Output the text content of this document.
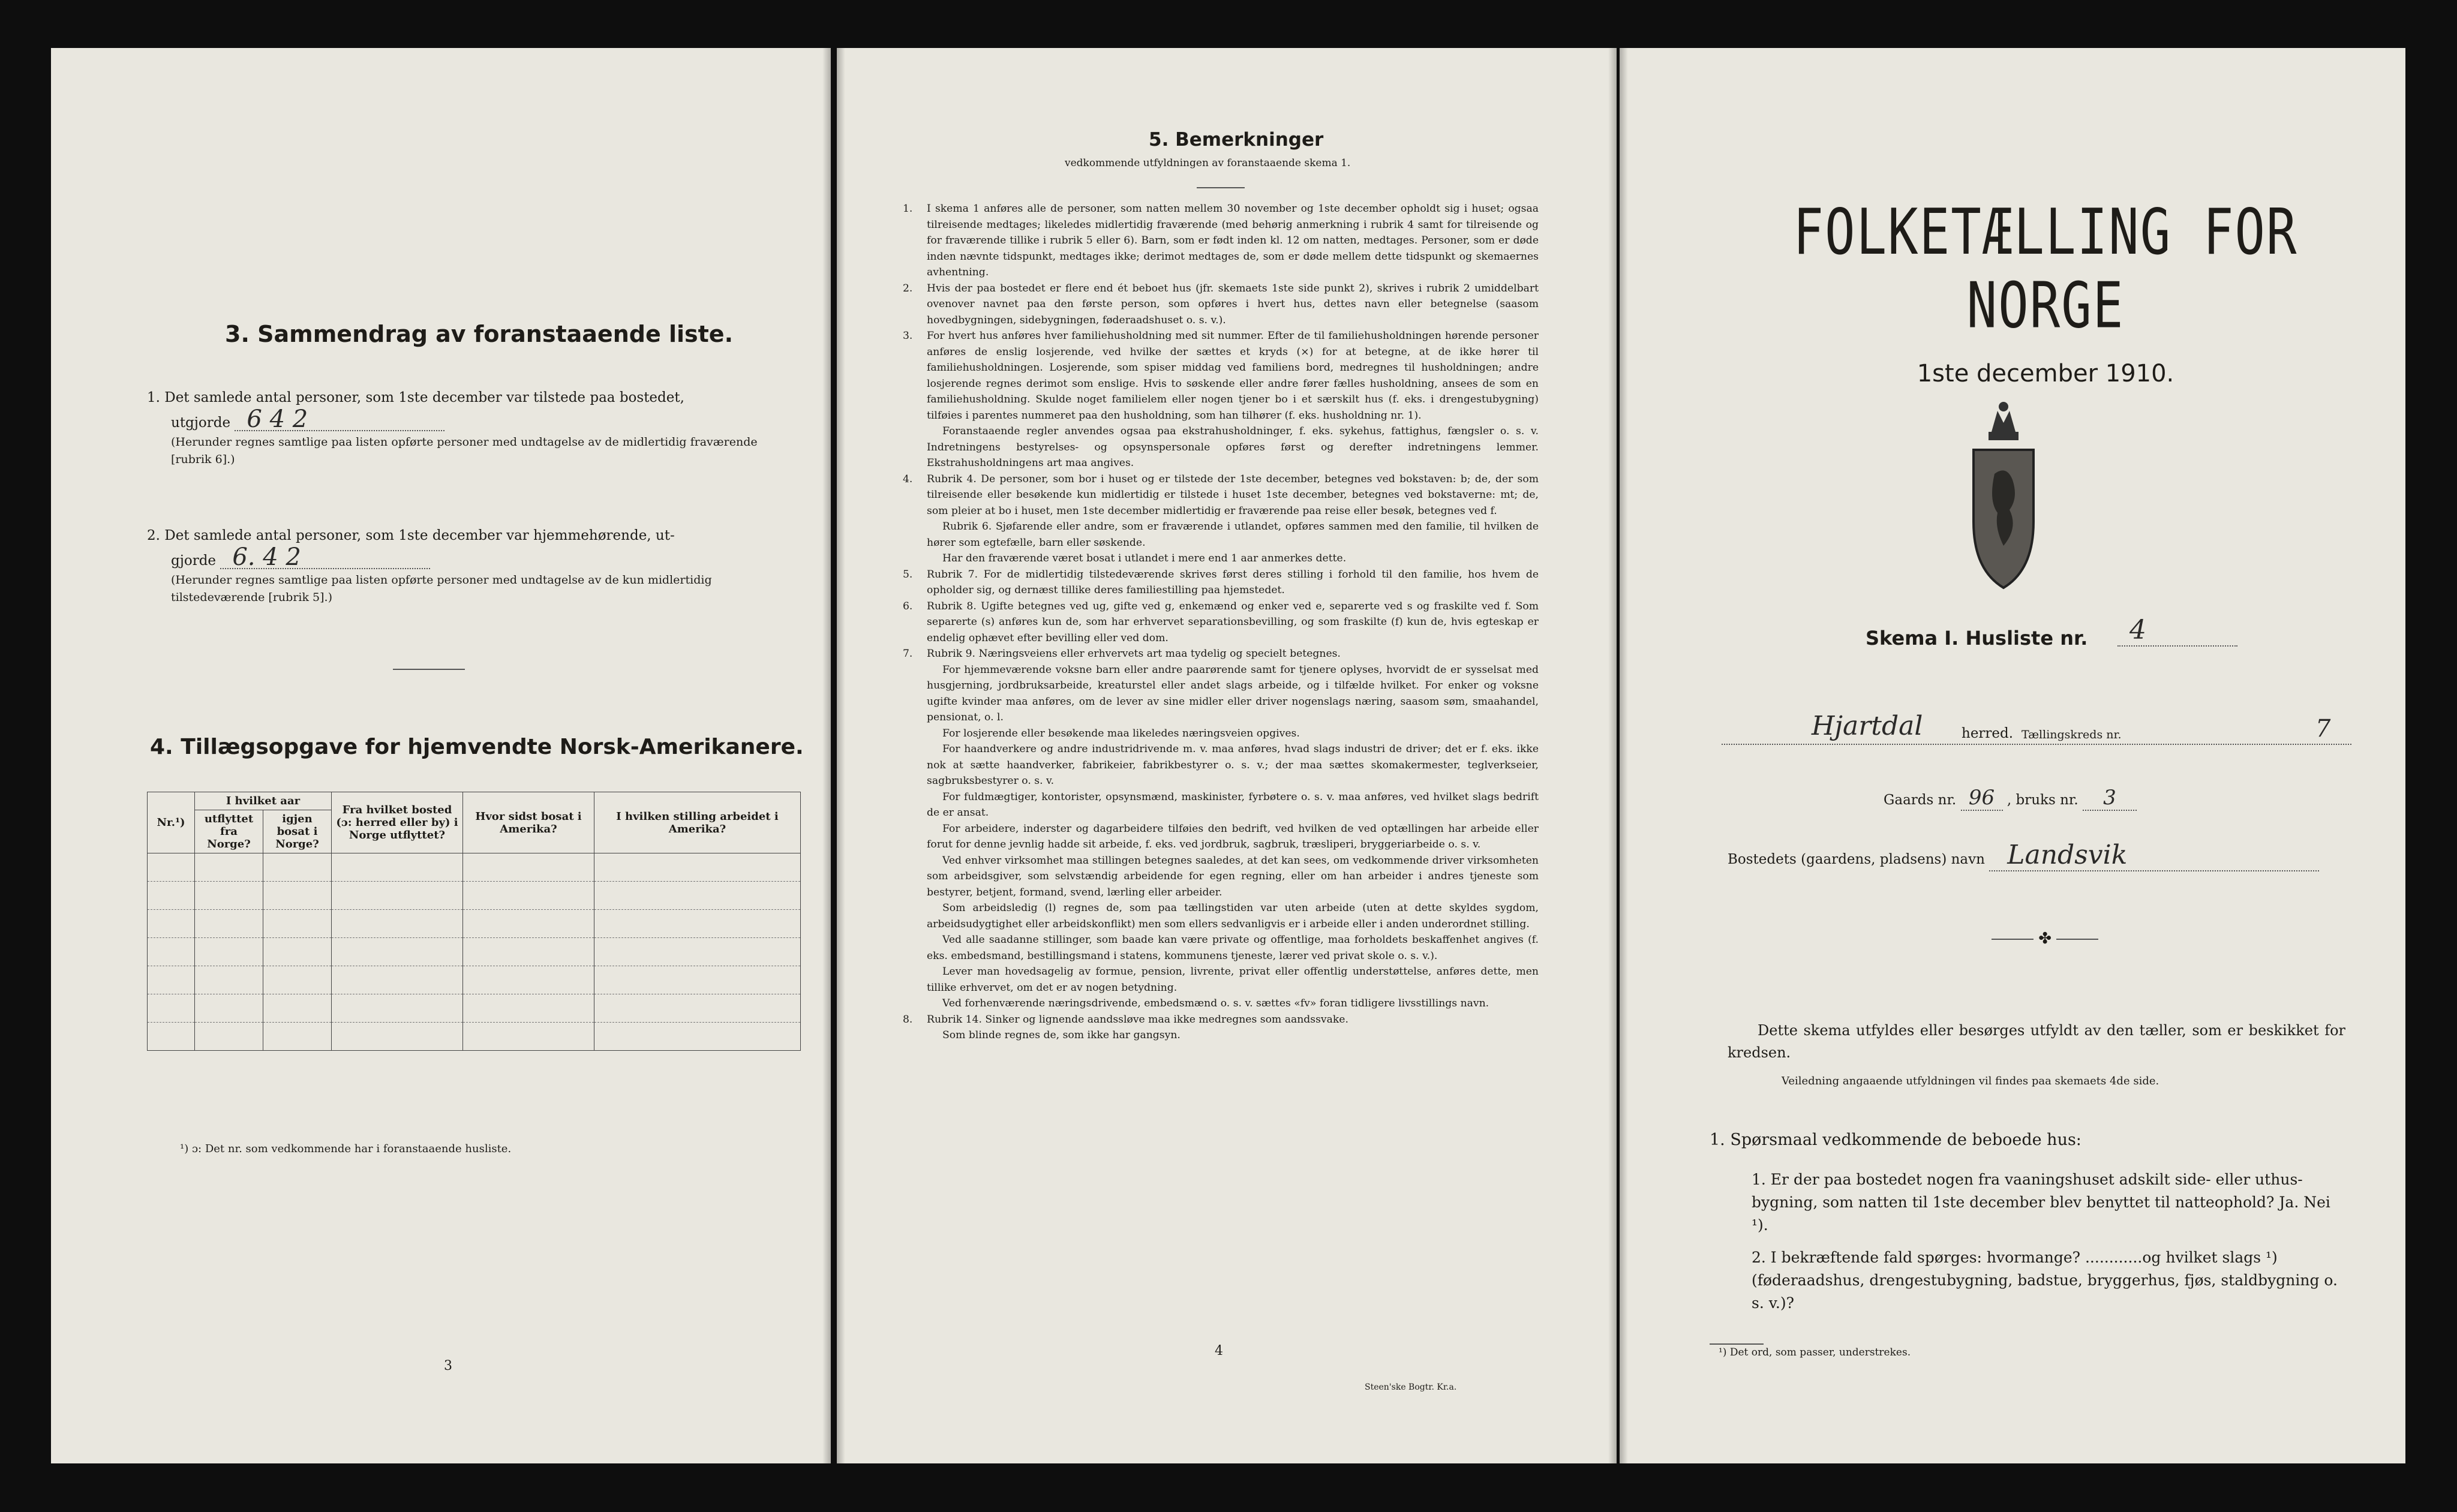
3. Sammendrag av foranstaaende liste.
1. Det samlede antal personer, som 1ste december var tilstede paa bostedet,
utgjorde 6 4 2
(Herunder regnes samtlige paa listen opførte personer med undtagelse av de midlertidig fraværende [rubrik 6].)
2. Det samlede antal personer, som 1ste december var hjemmehørende, ut-
gjorde 6. 4 2
(Herunder regnes samtlige paa listen opførte personer med undtagelse av de kun midlertidig tilstedeværende [rubrik 5].)
4. Tillægsopgave for hjemvendte Norsk-Amerikanere.
Nr.¹)	I hvilket aar		Fra hvilket bosted (ɔ: herred eller by) i Norge utflyttet?	Hvor sidst bosat i Amerika?	I hvilken stilling arbeidet i Amerika?
	utflyttet fra Norge?	igjen bosat i Norge?			

¹) ɔ: Det nr. som vedkommende har i foranstaaende husliste.
3
5. Bemerkninger
vedkommende utfyldningen av foranstaaende skema 1.

1. I skema 1 anføres alle de personer, som natten mellem 30 november og 1ste december opholdt sig i huset; ogsaa tilreisende medtages; likeledes midlertidig fraværende (med behørig anmerkning i rubrik 4 samt for tilreisende og for fraværende tillike i rubrik 5 eller 6). Barn, som er født inden kl. 12 om natten, medtages. Personer, som er døde inden nævnte tidspunkt, medtages ikke; derimot medtages de, som er døde mellem dette tidspunkt og skemaernes avhentning.

2. Hvis der paa bostedet er flere end ét beboet hus (jfr. skemaets 1ste side punkt 2), skrives i rubrik 2 umiddelbart ovenover navnet paa den første person, som opføres i hvert hus, dettes navn eller betegnelse (saasom hovedbygningen, sidebygningen, føderaadshuset o. s. v.).

3. For hvert hus anføres hver familiehusholdning med sit nummer. Efter de til familiehusholdningen hørende personer anføres de enslig losjerende, ved hvilke der sættes et kryds (×) for at betegne, at de ikke hører til familiehusholdningen. Losjerende, som spiser middag ved familiens bord, medregnes til husholdningen; andre losjerende regnes derimot som enslige. Hvis to søskende eller andre fører fælles husholdning, ansees de som en familiehusholdning. Skulde noget familielem eller nogen tjener bo i et særskilt hus (f. eks. i drengestubygning) tilføies i parentes nummeret paa den husholdning, som han tilhører (f. eks. husholdning nr. 1).

Foranstaaende regler anvendes ogsaa paa ekstrahusholdninger, f. eks. sykehus, fattighus, fængsler o. s. v. Indretningens bestyrelses- og opsynspersonale opføres først og derefter indretningens lemmer. Ekstrahusholdningens art maa angives.

4. Rubrik 4. De personer, som bor i huset og er tilstede der 1ste december, betegnes ved bokstaven: b; de, der som tilreisende eller besøkende kun midlertidig er tilstede i huset 1ste december, betegnes ved bokstaverne: mt; de, som pleier at bo i huset, men 1ste december midlertidig er fraværende paa reise eller besøk, betegnes ved f.

Rubrik 6. Sjøfarende eller andre, som er fraværende i utlandet, opføres sammen med den familie, til hvilken de hører som egtefælle, barn eller søskende.

Har den fraværende været bosat i utlandet i mere end 1 aar anmerkes dette.

5. Rubrik 7. For de midlertidig tilstedeværende skrives først deres stilling i forhold til den familie, hos hvem de opholder sig, og dernæst tillike deres familiestilling paa hjemstedet.

6. Rubrik 8. Ugifte betegnes ved ug, gifte ved g, enkemænd og enker ved e, separerte ved s og fraskilte ved f. Som separerte (s) anføres kun de, som har erhvervet separationsbevilling, og som fraskilte (f) kun de, hvis egteskap er endelig ophævet efter bevilling eller ved dom.

7. Rubrik 9. Næringsveiens eller erhvervets art maa tydelig og specielt betegnes.

For hjemmeværende voksne barn eller andre paarørende samt for tjenere oplyses, hvorvidt de er sysselsat med husgjerning, jordbruksarbeide, kreaturstel eller andet slags arbeide, og i tilfælde hvilket. For enker og voksne ugifte kvinder maa anføres, om de lever av sine midler eller driver nogenslags næring, saasom søm, smaahandel, pensionat, o. l.

For losjerende eller besøkende maa likeledes næringsveien opgives.

For haandverkere og andre industridrivende m. v. maa anføres, hvad slags industri de driver; det er f. eks. ikke nok at sætte haandverker, fabrikeier, fabrikbestyrer o. s. v.; der maa sættes skomakermester, teglverkseier, sagbruksbestyrer o. s. v.

For fuldmægtiger, kontorister, opsynsmænd, maskinister, fyrbøtere o. s. v. maa anføres, ved hvilket slags bedrift de er ansat.

For arbeidere, inderster og dagarbeidere tilføies den bedrift, ved hvilken de ved optællingen har arbeide eller forut for denne jevnlig hadde sit arbeide, f. eks. ved jordbruk, sagbruk, træsliperi, bryggeriarbeide o. s. v.

Ved enhver virksomhet maa stillingen betegnes saaledes, at det kan sees, om vedkommende driver virksomheten som arbeidsgiver, som selvstændig arbeidende for egen regning, eller om han arbeider i andres tjeneste som bestyrer, betjent, formand, svend, lærling eller arbeider.

Som arbeidsledig (l) regnes de, som paa tællingstiden var uten arbeide (uten at dette skyldes sygdom, arbeidsudygtighet eller arbeidskonflikt) men som ellers sedvanligvis er i arbeide eller i anden underordnet stilling.

Ved alle saadanne stillinger, som baade kan være private og offentlige, maa forholdets beskaffenhet angives (f. eks. embedsmand, bestillingsmand i statens, kommunens tjeneste, lærer ved privat skole o. s. v.).

Lever man hovedsagelig av formue, pension, livrente, privat eller offentlig understøttelse, anføres dette, men tillike erhvervet, om det er av nogen betydning.

Ved forhenværende næringsdrivende, embedsmænd o. s. v. sættes «fv» foran tidligere livsstillings navn.

8. Rubrik 14. Sinker og lignende aandssløve maa ikke medregnes som aandssvake.

Som blinde regnes de, som ikke har gangsyn.

4
Steen'ske Bogtr. Kr.a.
FOLKETÆLLING FOR NORGE
1ste december 1910.
Skema I. Husliste nr.	4
Hjartdal	herred. Tællingskreds nr.	7
Gaards nr. 96 , bruks nr. 3
Bostedets (gaardens, pladsens) navn Landsvik
✤
Dette skema utfyldes eller besørges utfyldt av den tæller, som er beskikket for kredsen.
Veiledning angaaende utfyldningen vil findes paa skemaets 4de side.
1. Spørsmaal vedkommende de beboede hus:
1. Er der paa bostedet nogen fra vaaningshuset adskilt side- eller uthus-bygning, som natten til 1ste december blev benyttet til natteophold? Ja. Nei ¹).
2. I bekræftende fald spørges: hvormange? ............og hvilket slags ¹) (føderaadshus, drengestubygning, badstue, bryggerhus, fjøs, staldbygning o. s. v.)?
¹) Det ord, som passer, understrekes.
